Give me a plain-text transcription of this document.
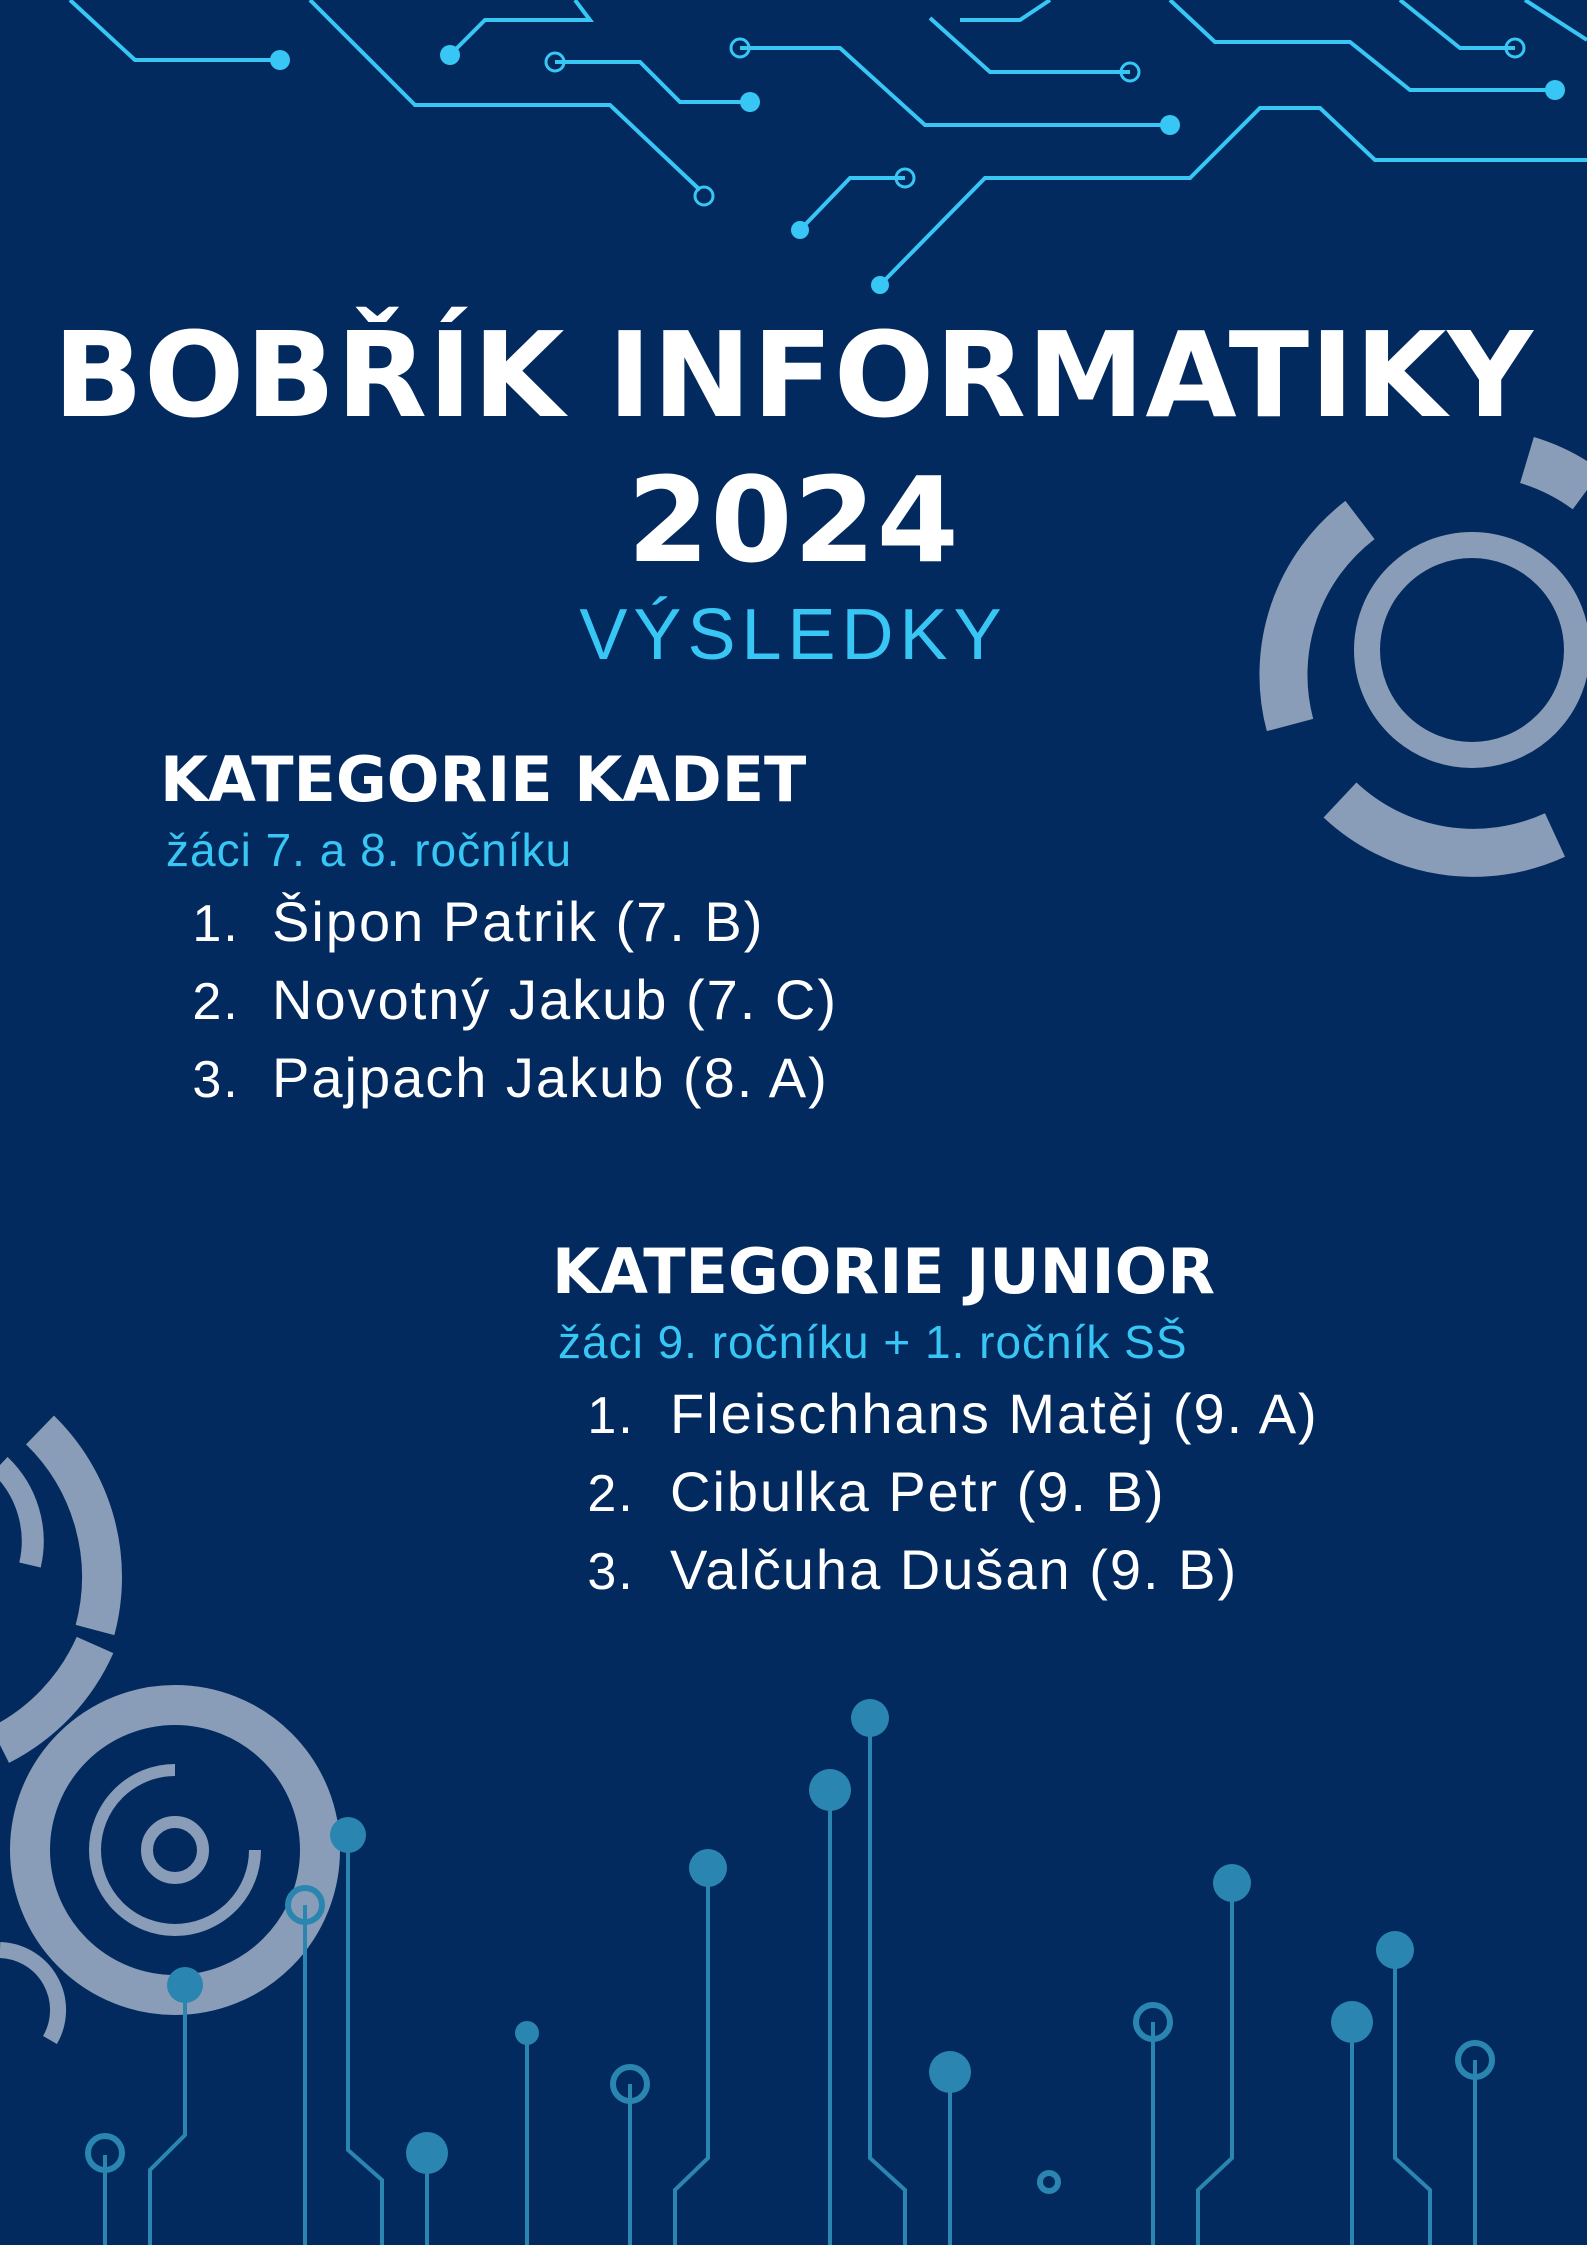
BOBŘÍK INFORMATIKY
2024
VÝSLEDKY
KATEGORIE KADET
žáci 7. a 8. ročníku
1. Šipon Patrik (7. B)
2. Novotný Jakub (7. C)
3. Pajpach Jakub (8. A)
KATEGORIE JUNIOR
žáci 9. ročníku + 1. ročník SŠ
1. Fleischhans Matěj (9. A)
2. Cibulka Petr (9. B)
3. Valčuha Dušan (9. B)
